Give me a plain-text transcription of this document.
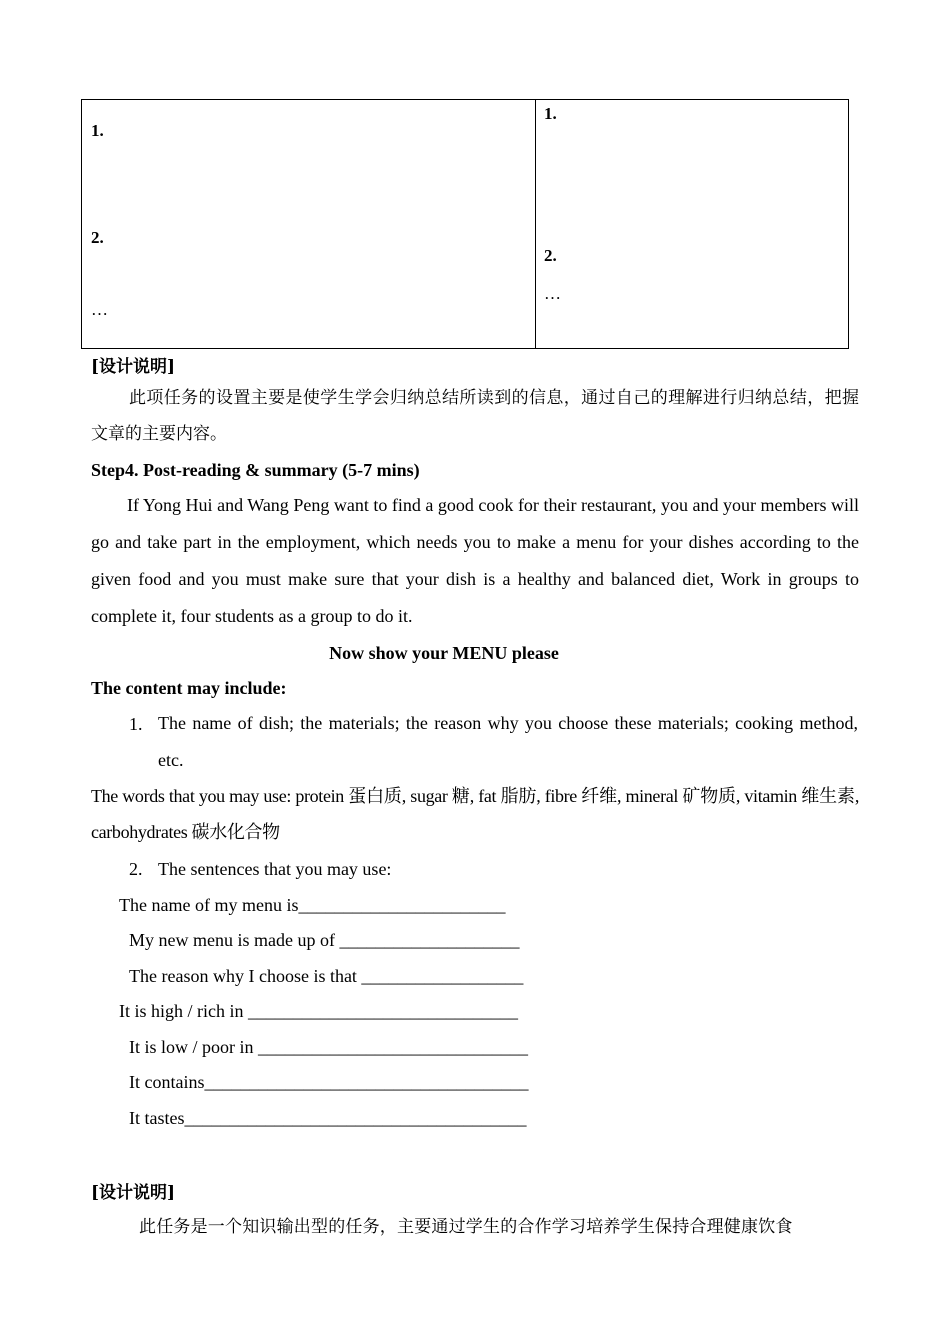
1.
2.
…
1.
2.
…
[设计说明]
此项任务的设置主要是使学生学会归纳总结所读到的信息，通过自己的理解进行归纳总结，把握文章的主要内容。
Step4. Post-reading & summary (5-7 mins)
If Yong Hui and Wang Peng want to find a good cook for their restaurant, you and your members will go and take part in the employment, which needs you to make a menu for your dishes according to the given food and you must make sure that your dish is a healthy and balanced diet, Work in groups to complete it, four students as a group to do it.
Now show your MENU please
The content may include:
1. The name of dish; the materials; the reason why you choose these materials; cooking method, etc.
The words that you may use: protein 蛋白质, sugar 糖, fat 脂肪, fibre 纤维, mineral 矿物质, vitamin 维生素, carbohydrates 碳水化合物
2. The sentences that you may use:
The name of my menu is_______________________
My new menu is made up of ____________________
The reason why I choose is that __________________
It is high / rich in ______________________________
It is low / poor in ______________________________
It contains____________________________________
It tastes______________________________________
[设计说明]
此任务是一个知识输出型的任务，主要通过学生的合作学习培养学生保持合理健康饮食
